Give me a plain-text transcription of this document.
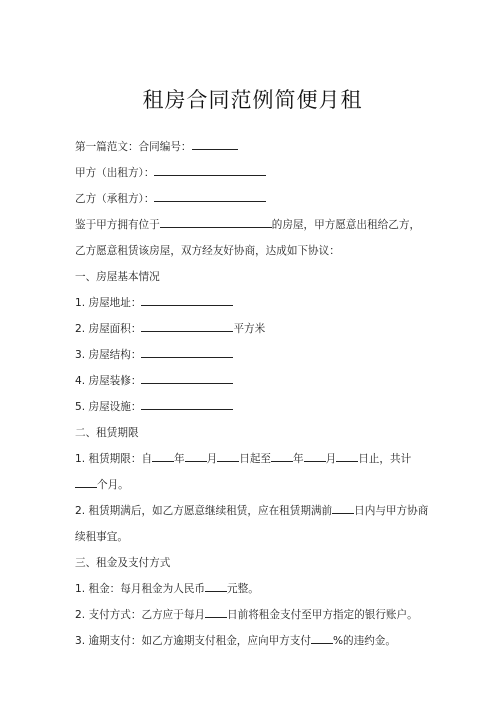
租房合同范例简便月租
第一篇范文：合同编号：
甲方（出租方）：
乙方（承租方）：
鉴于甲方拥有位于	的房屋，甲方愿意出租给乙方，乙方愿意租赁该房屋，双方经友好协商，达成如下协议：
一、房屋基本情况
1. 房屋地址：
2. 房屋面积：	平方米
3. 房屋结构：
4. 房屋装修：
5. 房屋设施：
二、租赁期限
1. 租赁期限：自 年 月 日起至 年 月 日止，共计个月。
2. 租赁期满后，如乙方愿意继续租赁，应在租赁期满前 日内与甲方协商续租事宜。
三、租金及支付方式
1. 租金：每月租金为人民币 元整。
2. 支付方式：乙方应于每月 日前将租金支付至甲方指定的银行账户。
3. 逾期支付：如乙方逾期支付租金，应向甲方支付 %的违约金。
